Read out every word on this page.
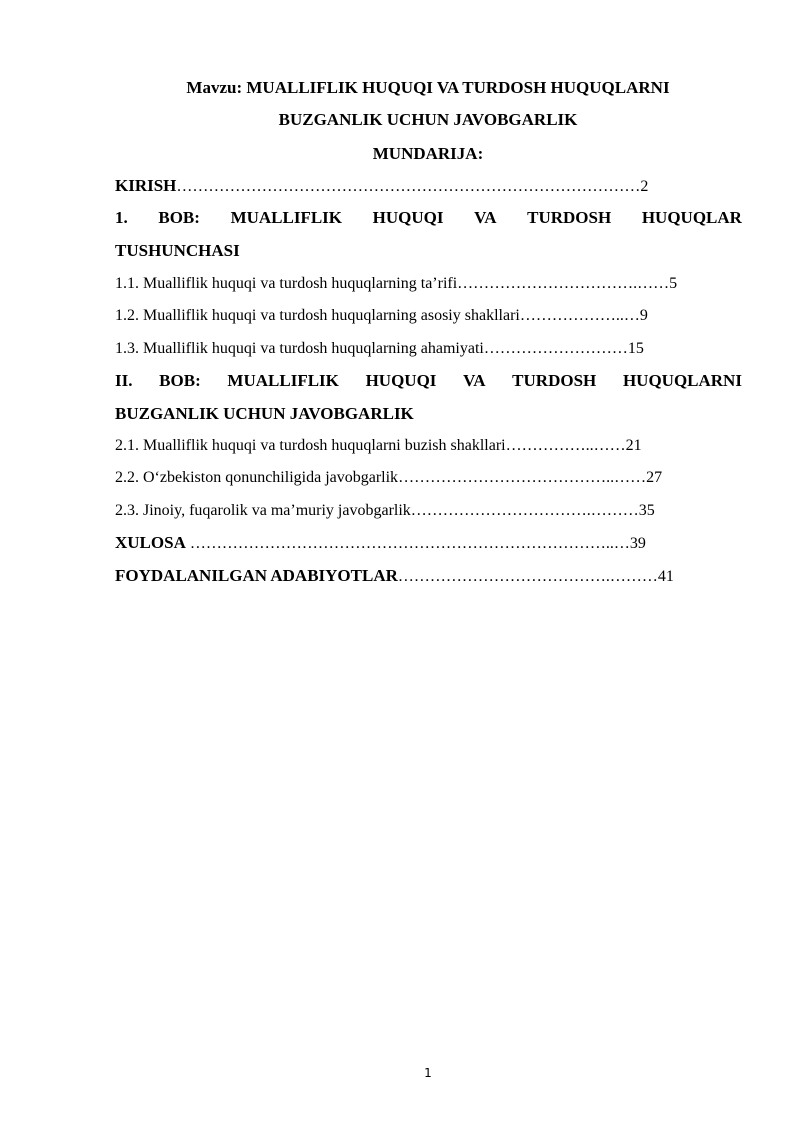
Mavzu: MUALLIFLIK HUQUQI VA TURDOSH HUQUQLARNI
BUZGANLIK UCHUN JAVOBGARLIK
MUNDARIJA:
KIRISH……………………………………………………………………………2
1. BOB: MUALLIFLIK HUQUQI VA TURDOSH HUQUQLAR
TUSHUNCHASI
1.1. Mualliflik huquqi va turdosh huquqlarning ta’rifi…………………………….……5
1.2. Mualliflik huquqi va turdosh huquqlarning asosiy shakllari………………..…9
1.3. Mualliflik huquqi va turdosh huquqlarning ahamiyati………………………15
II. BOB: MUALLIFLIK HUQUQI VA TURDOSH HUQUQLARNI
BUZGANLIK UCHUN JAVOBGARLIK
2.1. Mualliflik huquqi va turdosh huquqlarni buzish shakllari……………..……21
2.2. O‘zbekiston qonunchiligida javobgarlik…………………………………..……27
2.3. Jinoiy, fuqarolik va ma’muriy javobgarlik…………………………….………35
XULOSA ……………………………………………………………………..…39
FOYDALANILGAN ADABIYOTLAR………………………………….………41
1
